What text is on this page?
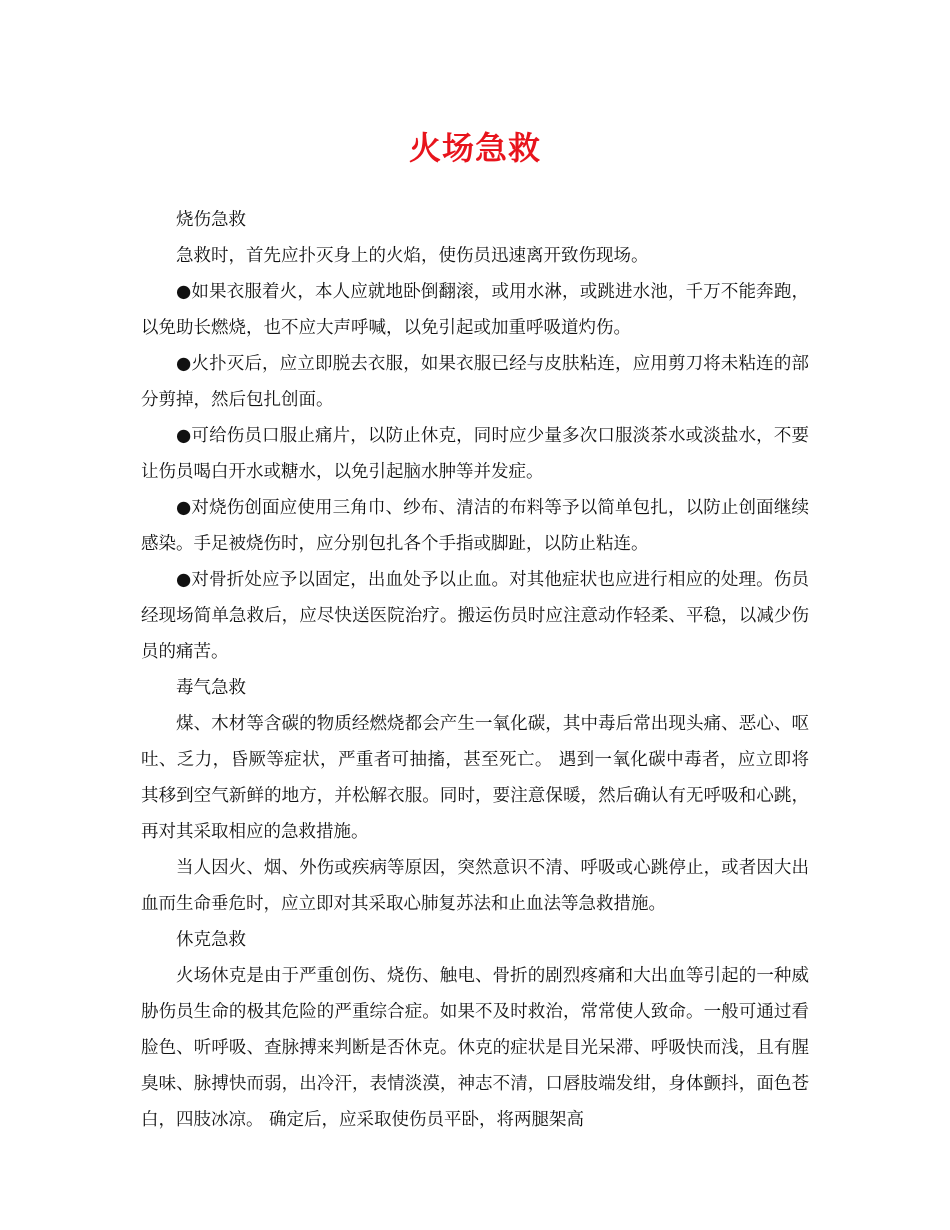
火场急救

烧伤急救

急救时，首先应扑灭身上的火焰，使伤员迅速离开致伤现场。

●如果衣服着火，本人应就地卧倒翻滚，或用水淋，或跳进水池，千万不能奔跑，以免助长燃烧，也不应大声呼喊，以免引起或加重呼吸道灼伤。

●火扑灭后，应立即脱去衣服，如果衣服已经与皮肤粘连，应用剪刀将未粘连的部分剪掉，然后包扎创面。

●可给伤员口服止痛片，以防止休克，同时应少量多次口服淡茶水或淡盐水，不要让伤员喝白开水或糖水，以免引起脑水肿等并发症。

●对烧伤创面应使用三角巾、纱布、清洁的布料等予以简单包扎，以防止创面继续感染。手足被烧伤时，应分别包扎各个手指或脚趾，以防止粘连。

●对骨折处应予以固定，出血处予以止血。对其他症状也应进行相应的处理。伤员经现场简单急救后，应尽快送医院治疗。搬运伤员时应注意动作轻柔、平稳，以减少伤员的痛苦。

毒气急救

煤、木材等含碳的物质经燃烧都会产生一氧化碳，其中毒后常出现头痛、恶心、呕吐、乏力，昏厥等症状，严重者可抽搐，甚至死亡。 遇到一氧化碳中毒者，应立即将其移到空气新鲜的地方，并松解衣服。同时，要注意保暖，然后确认有无呼吸和心跳，再对其采取相应的急救措施。

当人因火、烟、外伤或疾病等原因，突然意识不清、呼吸或心跳停止，或者因大出血而生命垂危时，应立即对其采取心肺复苏法和止血法等急救措施。

休克急救

火场休克是由于严重创伤、烧伤、触电、骨折的剧烈疼痛和大出血等引起的一种威胁伤员生命的极其危险的严重综合症。如果不及时救治，常常使人致命。一般可通过看脸色、听呼吸、查脉搏来判断是否休克。休克的症状是目光呆滞、呼吸快而浅，且有腥臭味、脉搏快而弱，出冷汗，表情淡漠，神志不清，口唇肢端发绀，身体颤抖，面色苍白，四肢冰凉。 确定后，应采取使伤员平卧，将两腿架高
